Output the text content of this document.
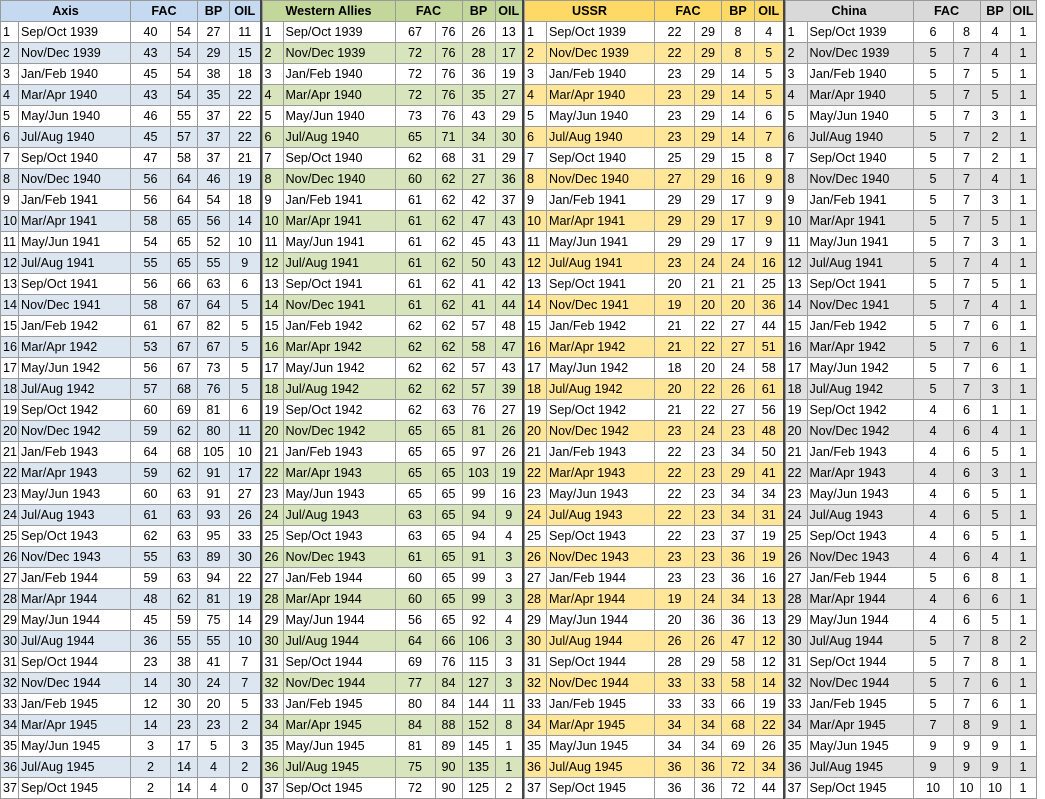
Axis		FAC		BP	OIL
1	Sep/Oct 1939	40	54	27	11
2	Nov/Dec 1939	43	54	29	15
3	Jan/Feb 1940	45	54	38	18
4	Mar/Apr 1940	43	54	35	22
5	May/Jun 1940	46	55	37	22
6	Jul/Aug 1940	45	57	37	22
7	Sep/Oct 1940	47	58	37	21
8	Nov/Dec 1940	56	64	46	19
9	Jan/Feb 1941	56	64	54	18
10	Mar/Apr 1941	58	65	56	14
11	May/Jun 1941	54	65	52	10
12	Jul/Aug 1941	55	65	55	9
13	Sep/Oct 1941	56	66	63	6
14	Nov/Dec 1941	58	67	64	5
15	Jan/Feb 1942	61	67	82	5
16	Mar/Apr 1942	53	67	67	5
17	May/Jun 1942	56	67	73	5
18	Jul/Aug 1942	57	68	76	5
19	Sep/Oct 1942	60	69	81	6
20	Nov/Dec 1942	59	62	80	11
21	Jan/Feb 1943	64	68	105	10
22	Mar/Apr 1943	59	62	91	17
23	May/Jun 1943	60	63	91	27
24	Jul/Aug 1943	61	63	93	26
25	Sep/Oct 1943	62	63	95	33
26	Nov/Dec 1943	55	63	89	30
27	Jan/Feb 1944	59	63	94	22
28	Mar/Apr 1944	48	62	81	19
29	May/Jun 1944	45	59	75	14
30	Jul/Aug 1944	36	55	55	10
31	Sep/Oct 1944	23	38	41	7
32	Nov/Dec 1944	14	30	24	7
33	Jan/Feb 1945	12	30	20	5
34	Mar/Apr 1945	14	23	23	2
35	May/Jun 1945	3	17	5	3
36	Jul/Aug 1945	2	14	4	2
37	Sep/Oct 1945	2	14	4	0
Western Allies		FAC		BP	OIL
1	Sep/Oct 1939	67	76	26	13
2	Nov/Dec 1939	72	76	28	17
3	Jan/Feb 1940	72	76	36	19
4	Mar/Apr 1940	72	76	35	27
5	May/Jun 1940	73	76	43	29
6	Jul/Aug 1940	65	71	34	30
7	Sep/Oct 1940	62	68	31	29
8	Nov/Dec 1940	60	62	27	36
9	Jan/Feb 1941	61	62	42	37
10	Mar/Apr 1941	61	62	47	43
11	May/Jun 1941	61	62	45	43
12	Jul/Aug 1941	61	62	50	43
13	Sep/Oct 1941	61	62	41	42
14	Nov/Dec 1941	61	62	41	44
15	Jan/Feb 1942	62	62	57	48
16	Mar/Apr 1942	62	62	58	47
17	May/Jun 1942	62	62	57	43
18	Jul/Aug 1942	62	62	57	39
19	Sep/Oct 1942	62	63	76	27
20	Nov/Dec 1942	65	65	81	26
21	Jan/Feb 1943	65	65	97	26
22	Mar/Apr 1943	65	65	103	19
23	May/Jun 1943	65	65	99	16
24	Jul/Aug 1943	63	65	94	9
25	Sep/Oct 1943	63	65	94	4
26	Nov/Dec 1943	61	65	91	3
27	Jan/Feb 1944	60	65	99	3
28	Mar/Apr 1944	60	65	99	3
29	May/Jun 1944	56	65	92	4
30	Jul/Aug 1944	64	66	106	3
31	Sep/Oct 1944	69	76	115	3
32	Nov/Dec 1944	77	84	127	3
33	Jan/Feb 1945	80	84	144	11
34	Mar/Apr 1945	84	88	152	8
35	May/Jun 1945	81	89	145	1
36	Jul/Aug 1945	75	90	135	1
37	Sep/Oct 1945	72	90	125	2
USSR		FAC		BP	OIL
1	Sep/Oct 1939	22	29	8	4
2	Nov/Dec 1939	22	29	8	5
3	Jan/Feb 1940	23	29	14	5
4	Mar/Apr 1940	23	29	14	5
5	May/Jun 1940	23	29	14	6
6	Jul/Aug 1940	23	29	14	7
7	Sep/Oct 1940	25	29	15	8
8	Nov/Dec 1940	27	29	16	9
9	Jan/Feb 1941	29	29	17	9
10	Mar/Apr 1941	29	29	17	9
11	May/Jun 1941	29	29	17	9
12	Jul/Aug 1941	23	24	24	16
13	Sep/Oct 1941	20	21	21	25
14	Nov/Dec 1941	19	20	20	36
15	Jan/Feb 1942	21	22	27	44
16	Mar/Apr 1942	21	22	27	51
17	May/Jun 1942	18	20	24	58
18	Jul/Aug 1942	20	22	26	61
19	Sep/Oct 1942	21	22	27	56
20	Nov/Dec 1942	23	24	23	48
21	Jan/Feb 1943	22	23	34	50
22	Mar/Apr 1943	22	23	29	41
23	May/Jun 1943	22	23	34	34
24	Jul/Aug 1943	22	23	34	31
25	Sep/Oct 1943	22	23	37	19
26	Nov/Dec 1943	23	23	36	19
27	Jan/Feb 1944	23	23	36	16
28	Mar/Apr 1944	19	24	34	13
29	May/Jun 1944	20	36	36	13
30	Jul/Aug 1944	26	26	47	12
31	Sep/Oct 1944	28	29	58	12
32	Nov/Dec 1944	33	33	58	14
33	Jan/Feb 1945	33	33	66	19
34	Mar/Apr 1945	34	34	68	22
35	May/Jun 1945	34	34	69	26
36	Jul/Aug 1945	36	36	72	34
37	Sep/Oct 1945	36	36	72	44
China		FAC		BP	OIL
1	Sep/Oct 1939	6	8	4	1
2	Nov/Dec 1939	5	7	4	1
3	Jan/Feb 1940	5	7	5	1
4	Mar/Apr 1940	5	7	5	1
5	May/Jun 1940	5	7	3	1
6	Jul/Aug 1940	5	7	2	1
7	Sep/Oct 1940	5	7	2	1
8	Nov/Dec 1940	5	7	4	1
9	Jan/Feb 1941	5	7	3	1
10	Mar/Apr 1941	5	7	5	1
11	May/Jun 1941	5	7	3	1
12	Jul/Aug 1941	5	7	4	1
13	Sep/Oct 1941	5	7	5	1
14	Nov/Dec 1941	5	7	4	1
15	Jan/Feb 1942	5	7	6	1
16	Mar/Apr 1942	5	7	6	1
17	May/Jun 1942	5	7	6	1
18	Jul/Aug 1942	5	7	3	1
19	Sep/Oct 1942	4	6	1	1
20	Nov/Dec 1942	4	6	4	1
21	Jan/Feb 1943	4	6	5	1
22	Mar/Apr 1943	4	6	3	1
23	May/Jun 1943	4	6	5	1
24	Jul/Aug 1943	4	6	5	1
25	Sep/Oct 1943	4	6	5	1
26	Nov/Dec 1943	4	6	4	1
27	Jan/Feb 1944	5	6	8	1
28	Mar/Apr 1944	4	6	6	1
29	May/Jun 1944	4	6	5	1
30	Jul/Aug 1944	5	7	8	2
31	Sep/Oct 1944	5	7	8	1
32	Nov/Dec 1944	5	7	6	1
33	Jan/Feb 1945	5	7	6	1
34	Mar/Apr 1945	7	8	9	1
35	May/Jun 1945	9	9	9	1
36	Jul/Aug 1945	9	9	9	1
37	Sep/Oct 1945	10	10	10	1
